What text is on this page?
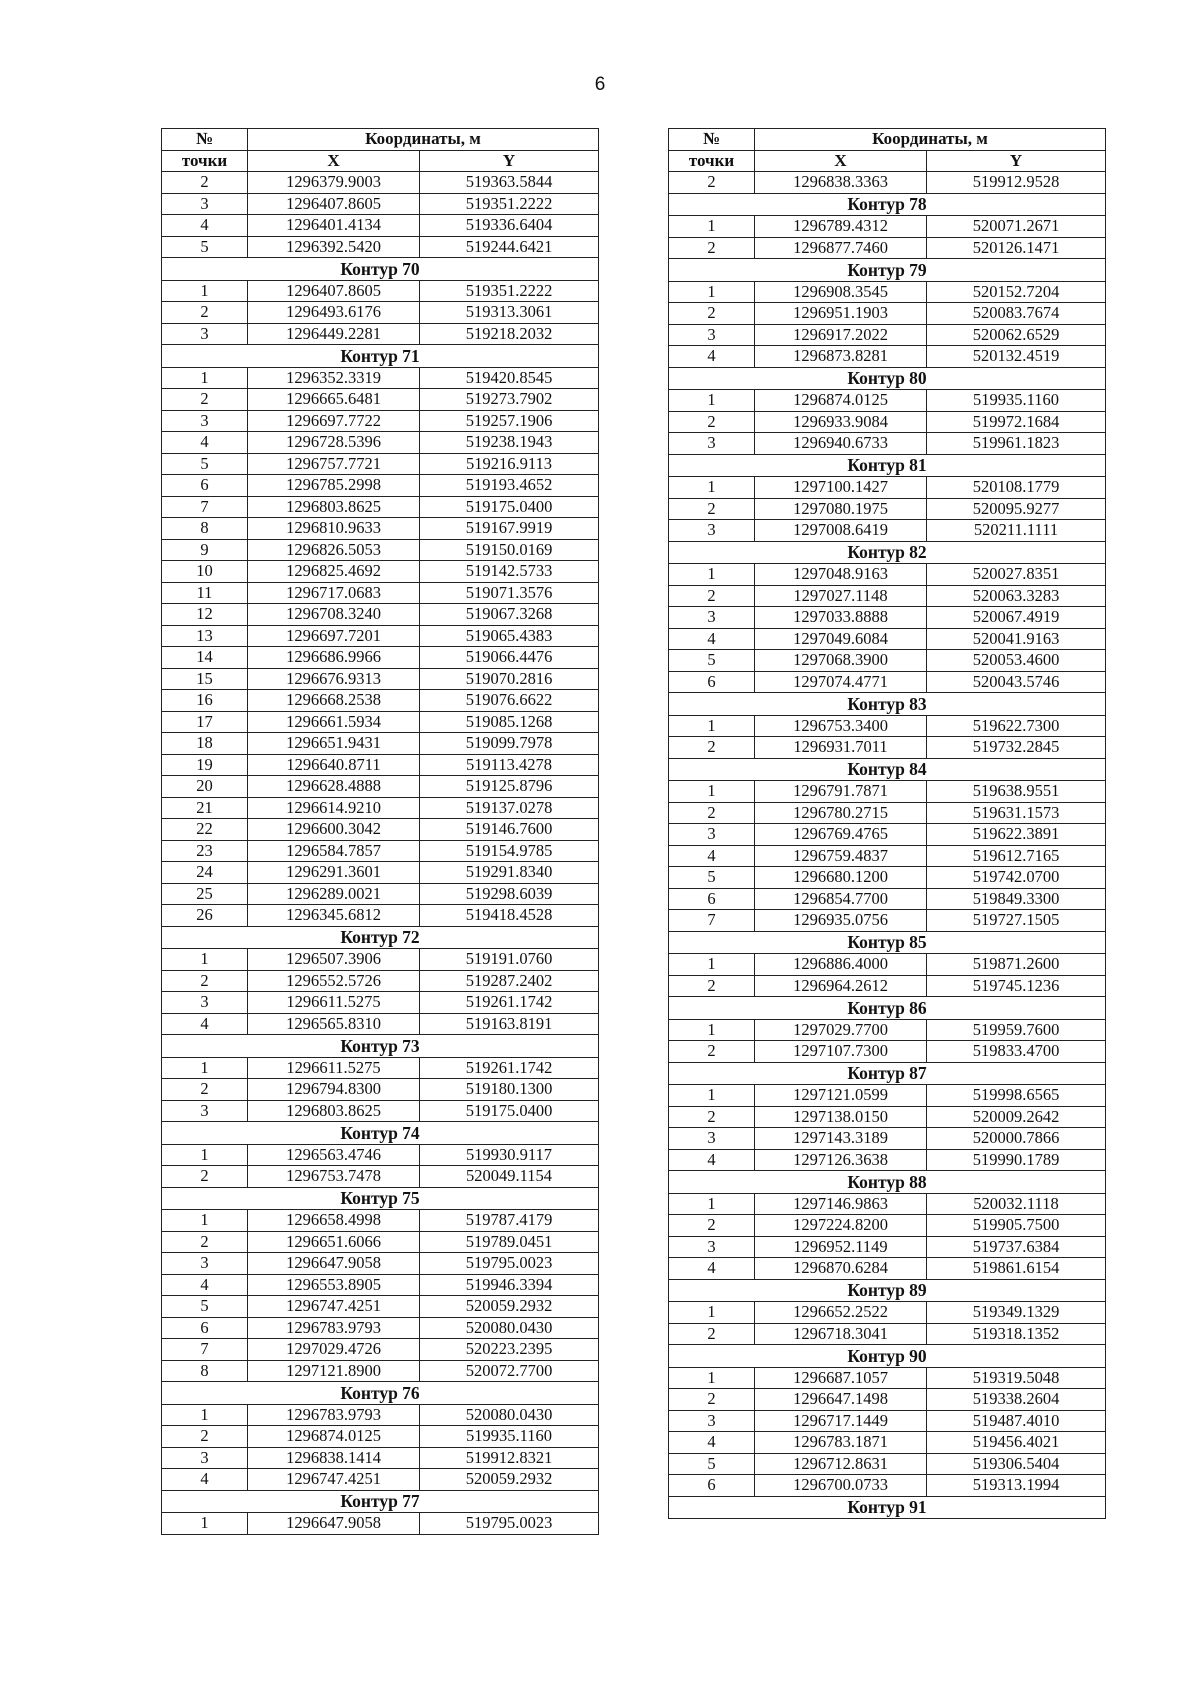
6
№	Координаты, м	
точки	X	Y
2	1296379.9003	519363.5844
3	1296407.8605	519351.2222
4	1296401.4134	519336.6404
5	1296392.5420	519244.6421
Контур 70		
1	1296407.8605	519351.2222
2	1296493.6176	519313.3061
3	1296449.2281	519218.2032
Контур 71		
1	1296352.3319	519420.8545
2	1296665.6481	519273.7902
3	1296697.7722	519257.1906
4	1296728.5396	519238.1943
5	1296757.7721	519216.9113
6	1296785.2998	519193.4652
7	1296803.8625	519175.0400
8	1296810.9633	519167.9919
9	1296826.5053	519150.0169
10	1296825.4692	519142.5733
11	1296717.0683	519071.3576
12	1296708.3240	519067.3268
13	1296697.7201	519065.4383
14	1296686.9966	519066.4476
15	1296676.9313	519070.2816
16	1296668.2538	519076.6622
17	1296661.5934	519085.1268
18	1296651.9431	519099.7978
19	1296640.8711	519113.4278
20	1296628.4888	519125.8796
21	1296614.9210	519137.0278
22	1296600.3042	519146.7600
23	1296584.7857	519154.9785
24	1296291.3601	519291.8340
25	1296289.0021	519298.6039
26	1296345.6812	519418.4528
Контур 72		
1	1296507.3906	519191.0760
2	1296552.5726	519287.2402
3	1296611.5275	519261.1742
4	1296565.8310	519163.8191
Контур 73		
1	1296611.5275	519261.1742
2	1296794.8300	519180.1300
3	1296803.8625	519175.0400
Контур 74		
1	1296563.4746	519930.9117
2	1296753.7478	520049.1154
Контур 75		
1	1296658.4998	519787.4179
2	1296651.6066	519789.0451
3	1296647.9058	519795.0023
4	1296553.8905	519946.3394
5	1296747.4251	520059.2932
6	1296783.9793	520080.0430
7	1297029.4726	520223.2395
8	1297121.8900	520072.7700
Контур 76		
1	1296783.9793	520080.0430
2	1296874.0125	519935.1160
3	1296838.1414	519912.8321
4	1296747.4251	520059.2932
Контур 77		
1	1296647.9058	519795.0023
№	Координаты, м	
точки	X	Y
2	1296838.3363	519912.9528
Контур 78		
1	1296789.4312	520071.2671
2	1296877.7460	520126.1471
Контур 79		
1	1296908.3545	520152.7204
2	1296951.1903	520083.7674
3	1296917.2022	520062.6529
4	1296873.8281	520132.4519
Контур 80		
1	1296874.0125	519935.1160
2	1296933.9084	519972.1684
3	1296940.6733	519961.1823
Контур 81		
1	1297100.1427	520108.1779
2	1297080.1975	520095.9277
3	1297008.6419	520211.1111
Контур 82		
1	1297048.9163	520027.8351
2	1297027.1148	520063.3283
3	1297033.8888	520067.4919
4	1297049.6084	520041.9163
5	1297068.3900	520053.4600
6	1297074.4771	520043.5746
Контур 83		
1	1296753.3400	519622.7300
2	1296931.7011	519732.2845
Контур 84		
1	1296791.7871	519638.9551
2	1296780.2715	519631.1573
3	1296769.4765	519622.3891
4	1296759.4837	519612.7165
5	1296680.1200	519742.0700
6	1296854.7700	519849.3300
7	1296935.0756	519727.1505
Контур 85		
1	1296886.4000	519871.2600
2	1296964.2612	519745.1236
Контур 86		
1	1297029.7700	519959.7600
2	1297107.7300	519833.4700
Контур 87		
1	1297121.0599	519998.6565
2	1297138.0150	520009.2642
3	1297143.3189	520000.7866
4	1297126.3638	519990.1789
Контур 88		
1	1297146.9863	520032.1118
2	1297224.8200	519905.7500
3	1296952.1149	519737.6384
4	1296870.6284	519861.6154
Контур 89		
1	1296652.2522	519349.1329
2	1296718.3041	519318.1352
Контур 90		
1	1296687.1057	519319.5048
2	1296647.1498	519338.2604
3	1296717.1449	519487.4010
4	1296783.1871	519456.4021
5	1296712.8631	519306.5404
6	1296700.0733	519313.1994
Контур 91		
